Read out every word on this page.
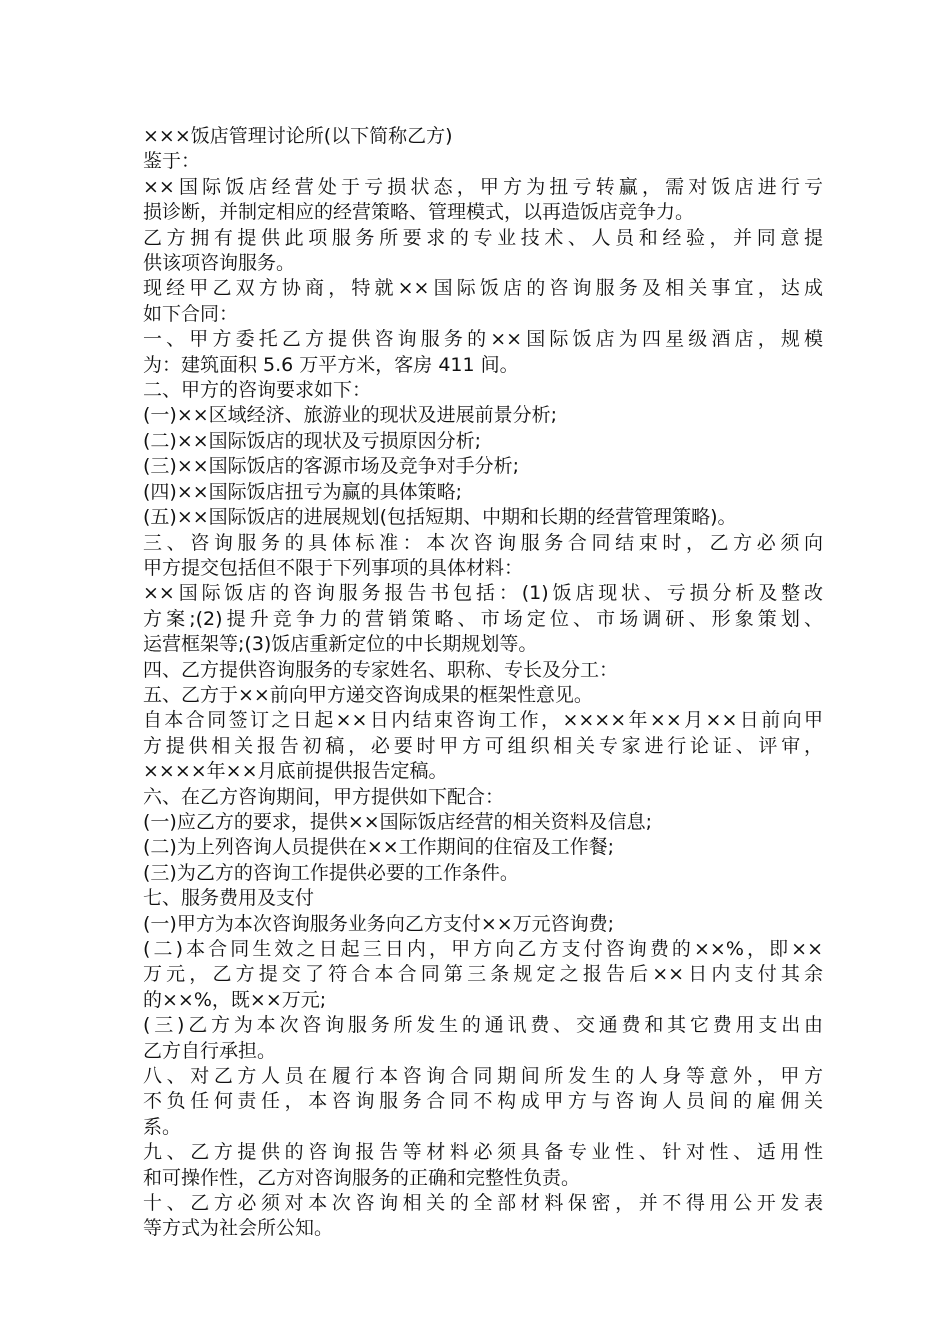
×××饭店管理讨论所(以下简称乙方)

鉴于：

××国际饭店经营处于亏损状态，甲方为扭亏转赢，需对饭店进行亏

损诊断，并制定相应的经营策略、管理模式，以再造饭店竞争力。

乙方拥有提供此项服务所要求的专业技术、人员和经验，并同意提

供该项咨询服务。

现经甲乙双方协商，特就××国际饭店的咨询服务及相关事宜，达成

如下合同：

一、甲方委托乙方提供咨询服务的××国际饭店为四星级酒店，规模

为：建筑面积 5.6 万平方米，客房 411 间。

二、甲方的咨询要求如下：

(一)××区域经济、旅游业的现状及进展前景分析;

(二)××国际饭店的现状及亏损原因分析;

(三)××国际饭店的客源市场及竞争对手分析;

(四)××国际饭店扭亏为赢的具体策略;

(五)××国际饭店的进展规划(包括短期、中期和长期的经营管理策略)。

三、咨询服务的具体标准：本次咨询服务合同结束时，乙方必须向

甲方提交包括但不限于下列事项的具体材料：

××国际饭店的咨询服务报告书包括：(1)饭店现状、亏损分析及整改

方案;(2)提升竞争力的营销策略、市场定位、市场调研、形象策划、

运营框架等;(3)饭店重新定位的中长期规划等。

四、乙方提供咨询服务的专家姓名、职称、专长及分工：

五、乙方于××前向甲方递交咨询成果的框架性意见。

自本合同签订之日起××日内结束咨询工作，××××年××月××日前向甲

方提供相关报告初稿，必要时甲方可组织相关专家进行论证、评审，

××××年××月底前提供报告定稿。

六、在乙方咨询期间，甲方提供如下配合：

(一)应乙方的要求，提供××国际饭店经营的相关资料及信息;

(二)为上列咨询人员提供在××工作期间的住宿及工作餐;

(三)为乙方的咨询工作提供必要的工作条件。

七、服务费用及支付

(一)甲方为本次咨询服务业务向乙方支付××万元咨询费;

(二)本合同生效之日起三日内，甲方向乙方支付咨询费的××%，即××

万元，乙方提交了符合本合同第三条规定之报告后××日内支付其余

的××%，既××万元;

(三)乙方为本次咨询服务所发生的通讯费、交通费和其它费用支出由

乙方自行承担。

八、对乙方人员在履行本咨询合同期间所发生的人身等意外，甲方

不负任何责任，本咨询服务合同不构成甲方与咨询人员间的雇佣关

系。

九、乙方提供的咨询报告等材料必须具备专业性、针对性、适用性

和可操作性，乙方对咨询服务的正确和完整性负责。

十、乙方必须对本次咨询相关的全部材料保密，并不得用公开发表

等方式为社会所公知。
